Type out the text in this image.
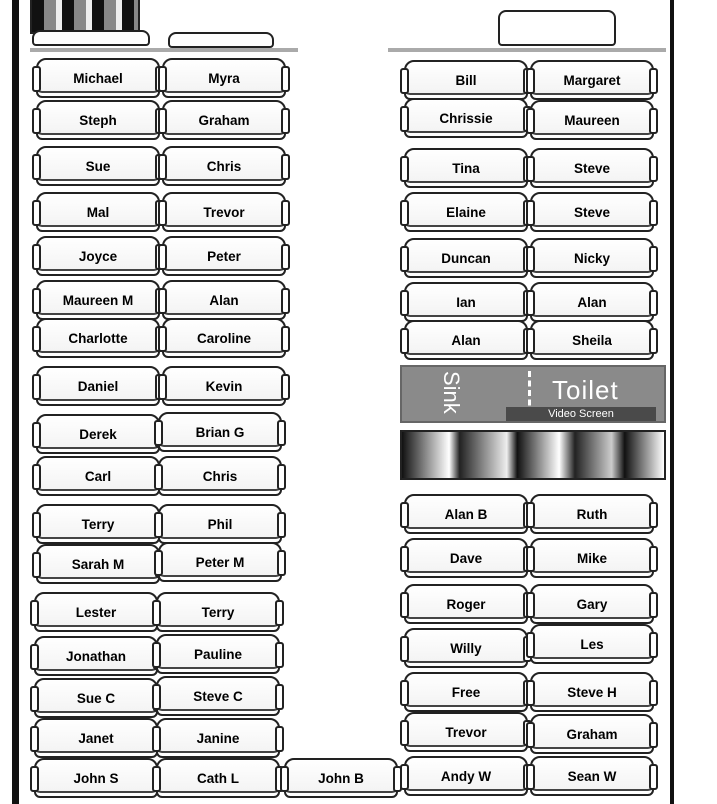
Sink	Toilet
Video Screen
Michael	Myra
Steph	Graham
Sue	Chris
Mal	Trevor
Joyce	Peter
Maureen M	Alan
Charlotte	Caroline
Daniel	Kevin
Derek	Brian G
Carl	Chris
Terry	Phil
Sarah M	Peter M
Lester	Terry
Jonathan	Pauline
Sue C	Steve C
Janet	Janine
John S	Cath L	John B
Bill	Margaret
Chrissie	Maureen
Tina	Steve
Elaine	Steve
Duncan	Nicky
Ian	Alan
Alan	Sheila
Alan B	Ruth
Dave	Mike
Roger	Gary
Willy	Les
Free	Steve H
Trevor	Graham
Andy W	Sean W
